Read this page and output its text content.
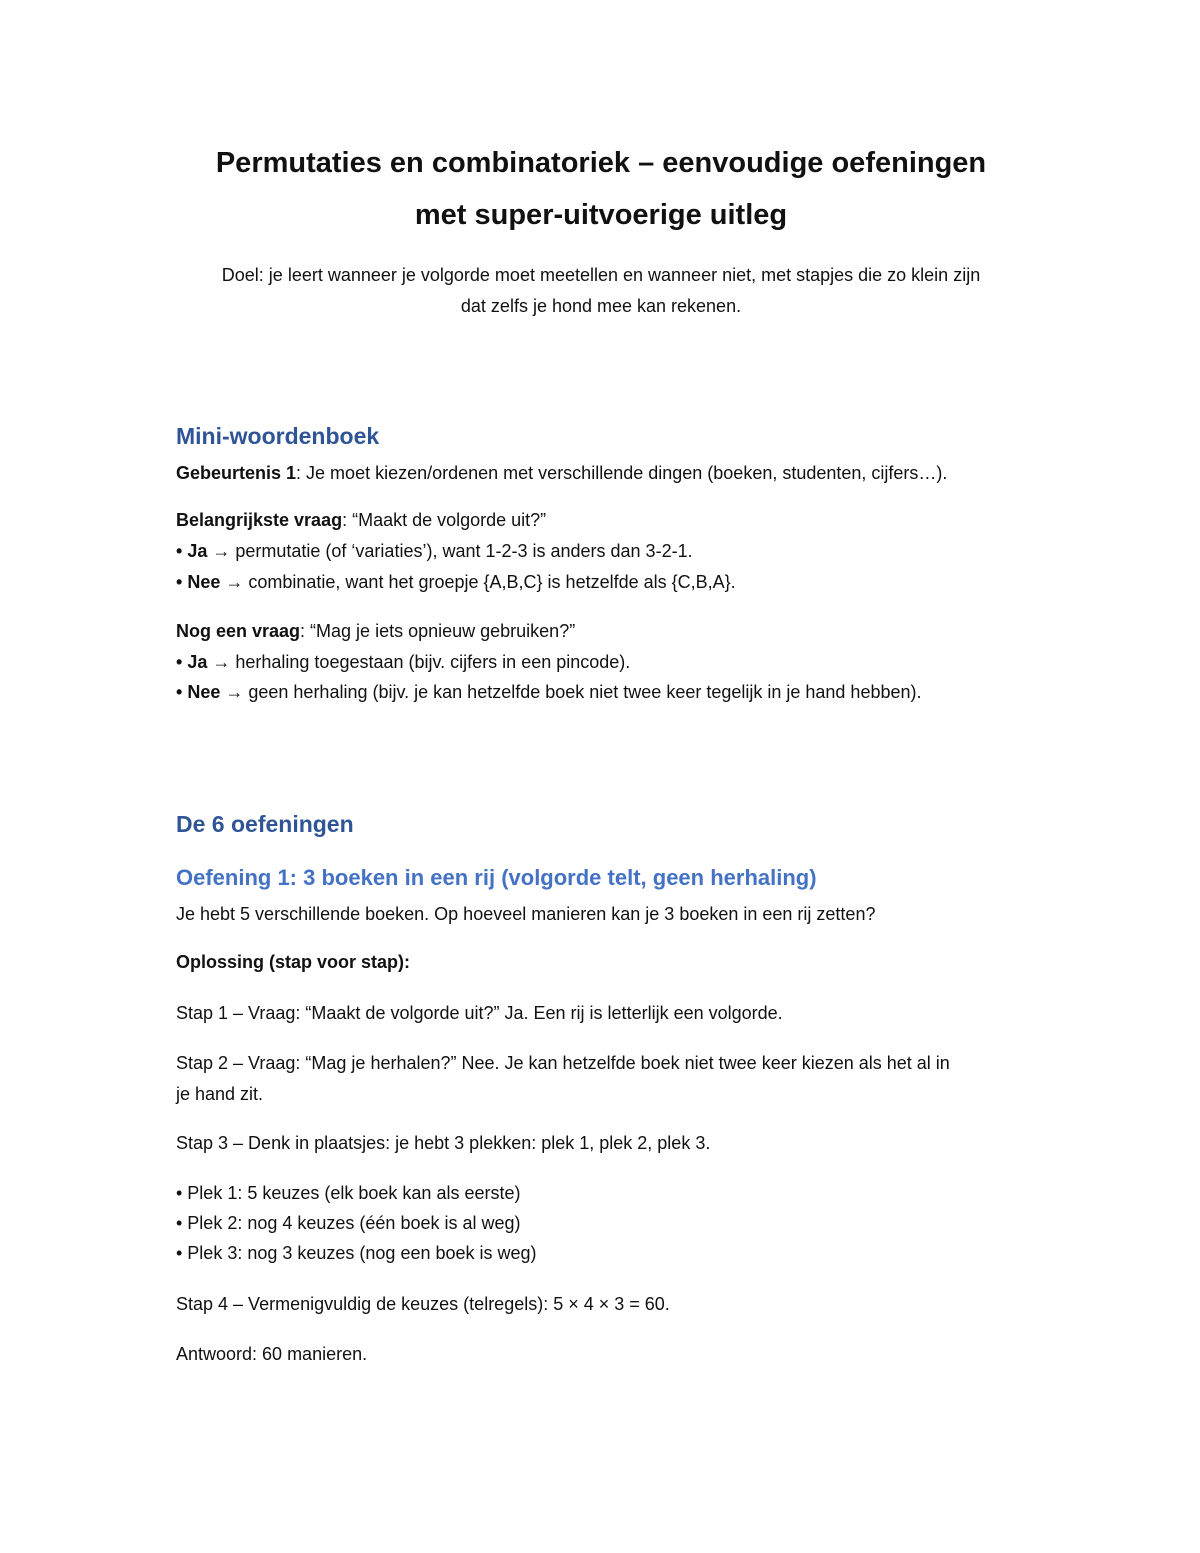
Permutaties en combinatoriek – eenvoudige oefeningen
met super-uitvoerige uitleg
Doel: je leert wanneer je volgorde moet meetellen en wanneer niet, met stapjes die zo klein zijn
dat zelfs je hond mee kan rekenen.
Mini-woordenboek
Gebeurtenis 1: Je moet kiezen/ordenen met verschillende dingen (boeken, studenten, cijfers…).
Belangrijkste vraag: “Maakt de volgorde uit?”
• Ja → permutatie (of ‘variaties’), want 1-2-3 is anders dan 3-2-1.
• Nee → combinatie, want het groepje {A,B,C} is hetzelfde als {C,B,A}.
Nog een vraag: “Mag je iets opnieuw gebruiken?”
• Ja → herhaling toegestaan (bijv. cijfers in een pincode).
• Nee → geen herhaling (bijv. je kan hetzelfde boek niet twee keer tegelijk in je hand hebben).
De 6 oefeningen
Oefening 1: 3 boeken in een rij (volgorde telt, geen herhaling)
Je hebt 5 verschillende boeken. Op hoeveel manieren kan je 3 boeken in een rij zetten?
Oplossing (stap voor stap):
Stap 1 – Vraag: “Maakt de volgorde uit?” Ja. Een rij is letterlijk een volgorde.
Stap 2 – Vraag: “Mag je herhalen?” Nee. Je kan hetzelfde boek niet twee keer kiezen als het al in
je hand zit.
Stap 3 – Denk in plaatsjes: je hebt 3 plekken: plek 1, plek 2, plek 3.
• Plek 1: 5 keuzes (elk boek kan als eerste)
• Plek 2: nog 4 keuzes (één boek is al weg)
• Plek 3: nog 3 keuzes (nog een boek is weg)
Stap 4 – Vermenigvuldig de keuzes (telregels): 5 × 4 × 3 = 60.
Antwoord: 60 manieren.
